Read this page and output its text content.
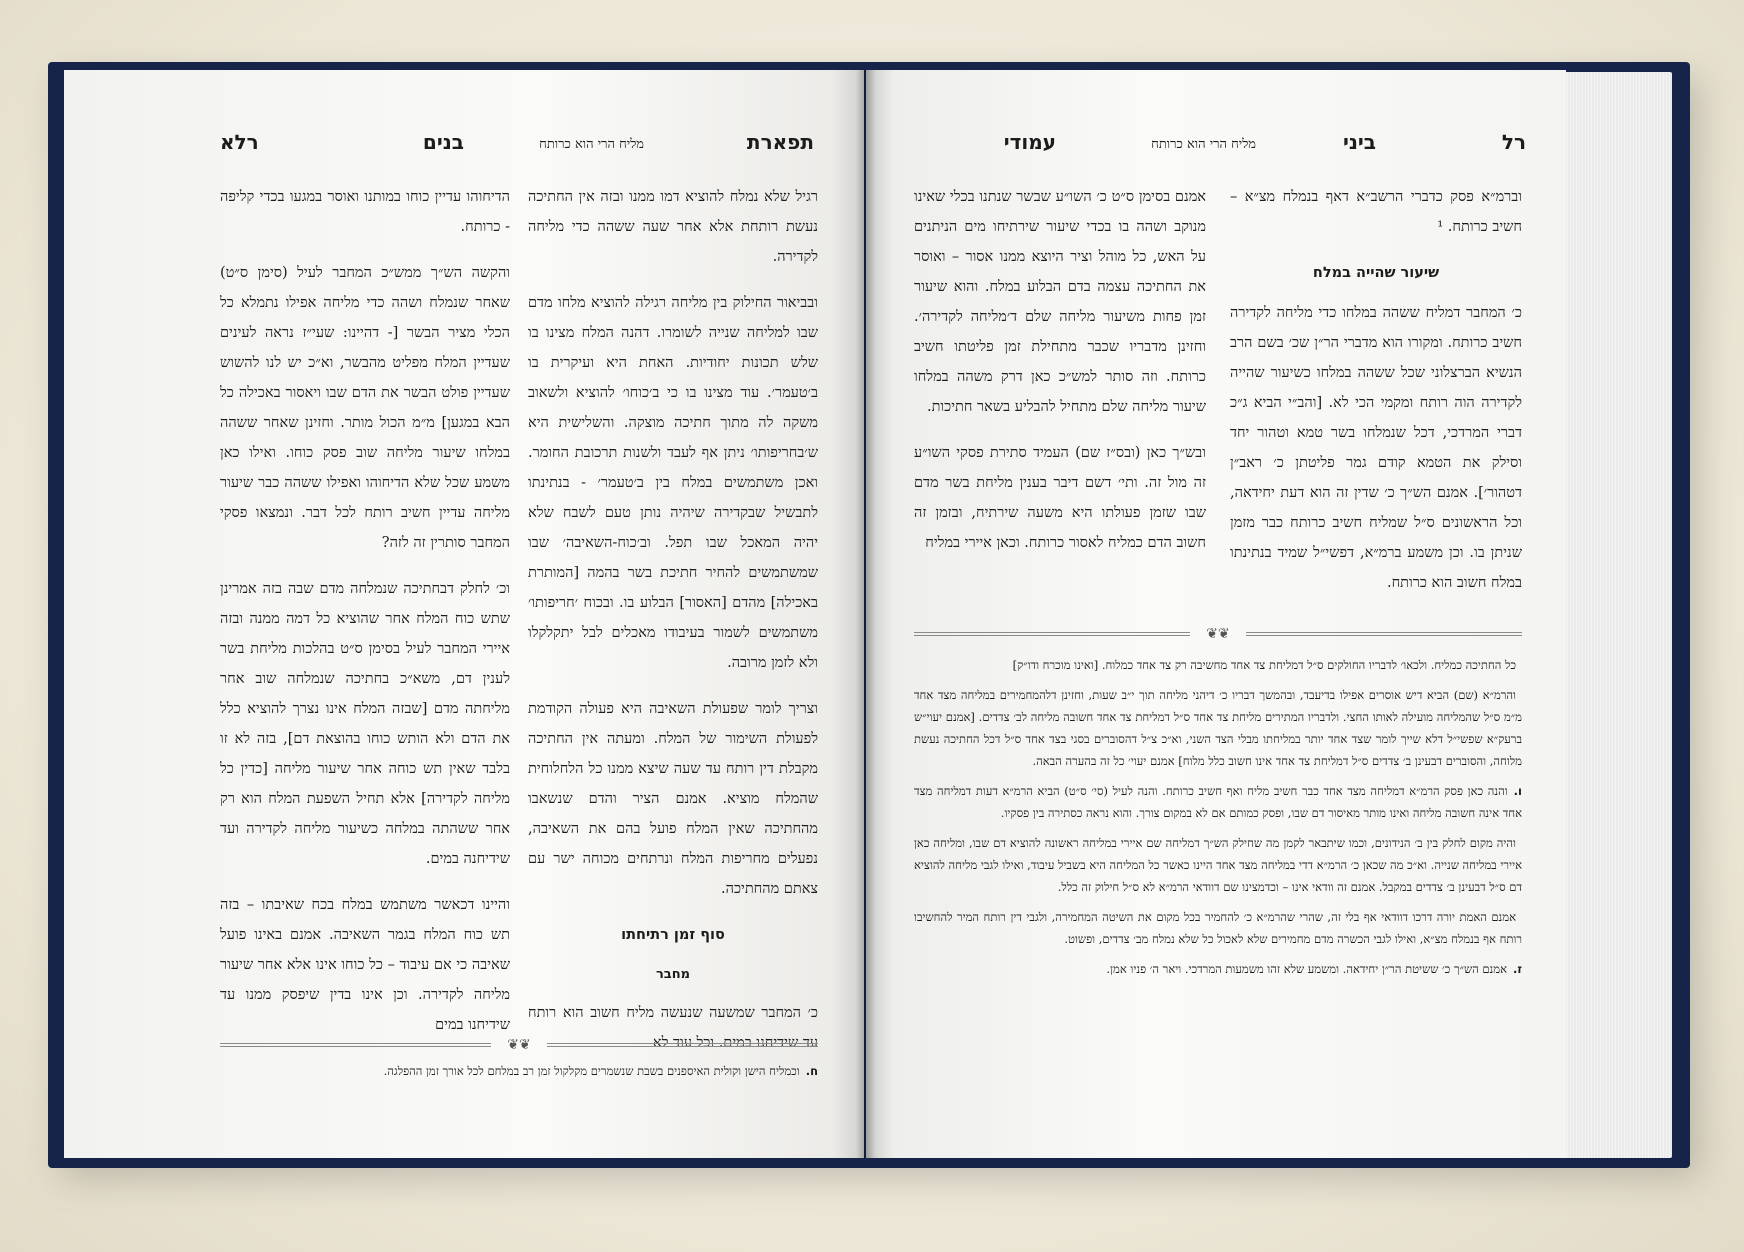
תפארת
מליח הרי הוא כרותח
בנים
רלא

רגיל שלא נמלח להוציא דמו ממנו ובזה אין החתיכה נעשת רותחת אלא אחר שעה ששהה כדי מליחה לקדירה.

ובביאור החילוק בין מליחה רגילה להוציא מלחו מדם שבו למליחה שנייה לשומרו. דהנה המלח מצינו בו שלש תכונות יחודיות. האחת היא ועיקרית בו ב׳טעמר׳. עוד מצינו בו כי ב׳כוחו׳ להוציא ולשאוב משקה לה מתוך חתיכה מוצקה. והשלישית היא ש׳בחריפותו׳ ניתן אף לעבד ולשנות תרכובת החומר. ואכן משתמשים במלח בין ב׳טעמר׳ - בנתינתו לתבשיל שבקדירה שיהיה נותן טעם לשבח שלא יהיה המאכל שבו תפל. וב׳כוח-השאיבה׳ שבו שמשתמשים להחיר חתיכת בשר בהמה [המותרת באכילה] מהדם [האסור] הבלוע בו. ובכוח ׳חריפותו׳ משתמשים לשמור בעיבודו מאכלים לבל יתקלקלו ולא לזמן מרובה.

וצריך לומר שפעולת השאיבה היא פעולה הקודמת לפעולת השימור של המלח. ומעתה אין החתיכה מקבלת דין רותח עד שעה שיצא ממנו כל הלחלוחית שהמלח מוציא. אמנם הציר והדם שנשאבו מהחתיכה שאין המלח פועל בהם את השאיבה, נפעלים מחריפות המלח ונרתחים מכוחה ישר עם צאתם מהחתיכה.

סוף זמן רתיחתו
מחבר

כ׳ המחבר שמשעה שנעשה מליח חשוב הוא רותח עד שידיחנו במים. וכל עוד לא

הדיחוהו עדיין כוחו במותנו ואוסר במגעו בכדי קליפה - כרותח.

והקשה הש״ך ממש״כ המחבר לעיל (סימן ס״ט) שאחר שנמלח ושהה כדי מליחה אפילו נתמלא כל הכלי מציר הבשר [- דהיינו: שעי״ז נראה לעינים שעדיין המלח מפליט מהבשר, וא״כ יש לנו להשוש שעדיין פולט הבשר את הדם שבו ויאסור באכילה כל הבא במגען] מ״מ הכול מותר. וחזינן שאחר ששהה במלחו שיעור מליחה שוב פסק כוחו. ואילו כאן משמע שכל שלא הדיחוהו ואפילו ששהה כבר שיעור מליחה עדיין חשיב רותח לכל דבר. ונמצאו פסקי המחבר סותרין זה לזה?

וכ׳ לחלק דבחתיכה שנמלחה מדם שבה בזה אמרינן שתש כוח המלח אחר שהוציא כל דמה ממנה ובזה איירי המחבר לעיל בסימן ס״ט בהלכות מליחת בשר לענין דם, משא״כ בחתיכה שנמלחה שוב אחר מליחתה מדם [שבזה המלח אינו נצרך להוציא כלל את הדם ולא הותש כוחו בהוצאת דם], בזה לא זו בלבד שאין תש כוחה אחר שיעור מליחה [כדין כל מליחה לקדירה] אלא תחיל השפעת המלח הוא רק אחר ששהתה במלחה כשיעור מליחה לקדירה ועד שידיחנה במים.

והיינו דכאשר משתמש במלח בכח שאיבתו – בזה תש כוח המלח בגמר השאיבה. אמנם באינו פועל שאיבה כי אם עיבוד – כל כוחו אינו אלא אחר שיעור מליחה לקדירה. וכן אינו בדין שיפסק ממנו עד שידיחנו במים

❦❦

ח.וכמליח הישן וקולית האיספנים בשבת שנשמרים מקלקול זמן רב במלחם לכל אורך זמן ההפלגה.

רל
ביני
מליח הרי הוא כרותח
עמודי

וברמ״א פסק כדברי הרשב״א דאף בנמלח מצ״א – חשיב כרותח. ¹

שיעור שהייה במלח

כ׳ המחבר דמליח ששהה במלחו כדי מליחה לקדירה חשיב כרותח. ומקורו הוא מדברי הר״ן שכ׳ בשם הרב הנשיא הברצלוני שכל ששהה במלחו כשיעור שהייה לקדירה הוה רותח ומקמי הכי לא. [והב״י הביא ג״כ דברי המרדכי, דכל שנמלחו בשר טמא וטהור יחד וסילק את הטמא קודם גמר פליטתן כ׳ ראב״ן דטהור׳]. אמנם הש״ך כ׳ שדין זה הוא דעת יחידאה, וכל הראשונים ס״ל שמליח חשיב כרותח כבר מזמן שניתן בו. וכן משמע ברמ״א, דפשי״ל שמיד בנתינתו במלח חשוב הוא כרותח.

אמנם בסימן ס״ט כ׳ השו״ע שבשר שנתנו בכלי שאינו מנוקב ושהה בו בכדי שיעור שירתיחו מים הניתנים על האש, כל מוהל וציר היוצא ממנו אסור – ואוסר את החתיכה עצמה בדם הבלוע במלח. והוא שיעור זמן פחות משיעור מליחה שלם ד׳מליחה לקדירה׳. וחזינן מדבריו שכבר מתחילת זמן פליטתו חשיב כרותח. וזה סותר למש״כ כאן דרק משהה במלחו שיעור מליחה שלם מתחיל להבליע בשאר חתיכות.

ובש״ך כאן (ובס״ז שם) העמיד סתירת פסקי השו״ע זה מול זה. ותי׳ דשם דיבר בענין מליחת בשר מדם שבו שזמן פעולתו היא משעה שירתיח, ובזמן זה חשוב הדם כמליח לאסור כרותח. וכאן איירי במליח

❦❦

כל החתיכה כמליח. ולכאו׳ לדבריו החולקים ס״ל דמליחת צד אחד מחשיבה רק צד אחד כמלוח. [ואינו מוכרח ודו״ק]

והרמ״א (שם) הביא דיש אוסרים אפילו בדיעבד, ובהמשך דבריו כ׳ דיהני מליחה תוך י״ב שעות, וחזינן דלהמחמירים במליחה מצד אחד מ״מ ס״ל שהמליחה מועילה לאותו החצי. ולדבריו המתירים מליחת צד אחד ס״ל דמליחת צד אחד חשובה מליחה לב׳ צדדים. [אמנם יעוי״ש ברעק״א שפשי״ל דלא שייך לומר שצד אחד יותר במליחתו מבלי הצד השני, וא״כ צ״ל דהסוברים בסגי בצד אחד ס״ל דכל החתיכה נעשת מלוחה, והסוברים דבעינן ב׳ צדדים ס״ל דמליחת צד אחד אינו חשוב כלל מלוח] אמנם יעוי׳ כל זה בהערה הבאה.

ו.והנה כאן פסק הרמ״א דמליחה מצד אחד כבר חשיב מליח ואף חשיב כרותח. והנה לעיל (סי׳ ס״ט) הביא הרמ״א דעות דמליחה מצד אחד אינה חשובה מליחה ואינו מותר מאיסור דם שבו, ופסק כמותם אם לא במקום צורך. והוא נראה כסתירה בין פסקיו.

והיה מקום לחלק בין ב׳ הנידונים, וכמו שיתבאר לקמן מה שחילק הש״ך דמליחה שם איירי במליחה ראשונה להוציא דם שבו, ומליחה כאן איירי במליחה שנייה. וא״כ מה שכאן כ׳ הרמ״א דדי במליחה מצד אחד היינו כאשר כל המליחה היא בשביל עיבוד, ואילו לגבי מליחה להוציא דם ס״ל דבעינן ב׳ צדדים במקבל. אמנם זה וודאי אינו – וכדמצינו שם דוודאי הרמ״א לא ס״ל חילוק זה כלל.

אמנם האמת יורה דרכו דוודאי אף בלי זה, שהרי שהרמ״א כ׳ להחמיר בכל מקום את השיטה המחמירה, ולגבי דין רותח המיר להחשיבו רותח אף בנמלח מצ״א, ואילו לגבי הכשרה מדם מחמירים שלא לאכול כל שלא נמלח מב׳ צדדים, ופשוט.

ז.אמנם הש״ך כ׳ ששיטת הר״ן יחידאה. ומשמע שלא זהו משמעות המרדכי. ויאר ה׳ פניו אמן.
